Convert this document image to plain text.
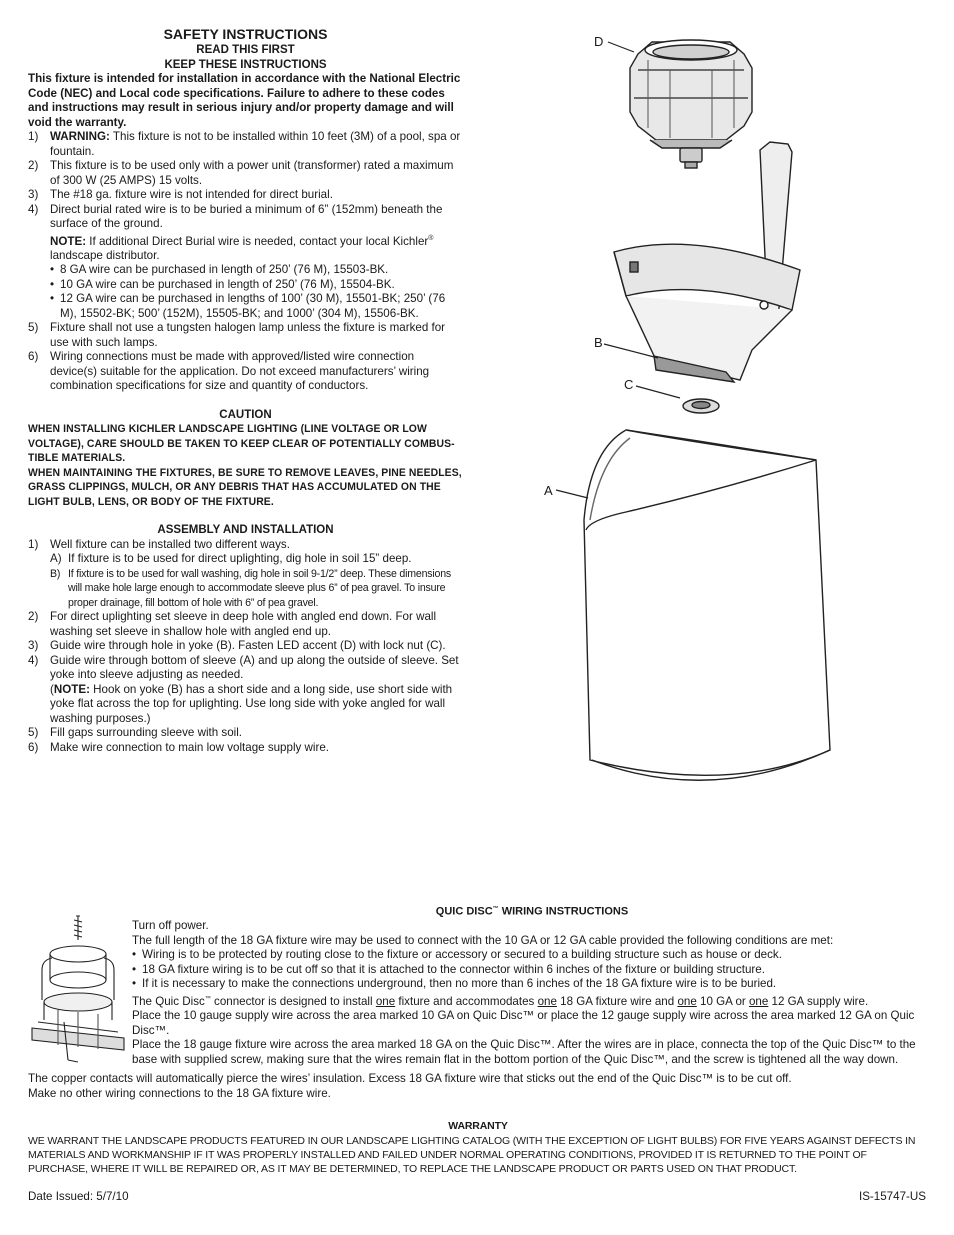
SAFETY INSTRUCTIONS
READ THIS FIRST
KEEP THESE INSTRUCTIONS
This fixture is intended for installation in accordance with the National Electric Code (NEC) and Local code specifications. Failure to adhere to these codes and instructions may result in serious injury and/or property damage and will void the warranty.
1)	WARNING: This fixture is not to be installed within 10 feet (3M) of a pool, spa or fountain.
2)	This fixture is to be used only with a power unit (transformer) rated a maximum of 300 W (25 AMPS) 15 volts.
3)	The #18 ga. fixture wire is not intended for direct burial.
4)	Direct burial rated wire is to be buried a minimum of 6” (152mm) beneath the surface of the ground.
NOTE: If additional Direct Burial wire is needed, contact your local Kichler® landscape distributor.
• 8 GA wire can be purchased in length of 250’ (76 M), 15503-BK.
• 10 GA wire can be purchased in length of 250’ (76 M), 15504-BK.
• 12 GA wire can be purchased in lengths of 100’ (30 M), 15501-BK; 250’ (76 M), 15502-BK; 500’ (152M), 15505-BK; and 1000’ (304 M), 15506-BK.
5)	Fixture shall not use a tungsten halogen lamp unless the fixture is marked for use with such lamps.
6)	Wiring connections must be made with approved/listed wire connection device(s) suitable for the application. Do not exceed manufacturers’ wiring combination specifications for size and quantity of conductors.
CAUTION
WHEN INSTALLING KICHLER LANDSCAPE LIGHTING (LINE VOLTAGE OR LOW VOLTAGE), CARE SHOULD BE TAKEN TO KEEP CLEAR OF POTENTIALLY COMBUS-TIBLE MATERIALS.
WHEN MAINTAINING THE FIXTURES, BE SURE TO REMOVE LEAVES, PINE NEEDLES, GRASS CLIPPINGS, MULCH, OR ANY DEBRIS THAT HAS ACCUMULATED ON THE LIGHT BULB, LENS, OR BODY OF THE FIXTURE.
ASSEMBLY AND INSTALLATION
1)	Well fixture can be installed two different ways.
A) If fixture is to be used for direct uplighting, dig hole in soil 15” deep.
B) If fixture is to be used for wall washing, dig hole in soil 9-1/2” deep. These dimensions will make hole large enough to accommodate sleeve plus 6” of pea gravel. To insure proper drainage, fill bottom of hole with 6” of pea gravel.
2)	For direct uplighting set sleeve in deep hole with angled end down. For wall washing set sleeve in shallow hole with angled end up.
3)	Guide wire through hole in yoke (B). Fasten LED accent (D) with lock nut (C).
4)	Guide wire through bottom of sleeve (A) and up along the outside of sleeve. Set yoke into sleeve adjusting as needed.
(NOTE: Hook on yoke (B) has a short side and a long side, use short side with yoke flat across the top for uplighting. Use long side with yoke angled for wall washing purposes.)
5)	Fill gaps surrounding sleeve with soil.
6)	Make wire connection to main low voltage supply wire.
D
B
C
A
QUIC DISC™ WIRING INSTRUCTIONS
Turn off power.
The full length of the 18 GA fixture wire may be used to connect with the 10 GA or 12 GA cable provided the following conditions are met:
• Wiring is to be protected by routing close to the fixture or accessory or secured to a building structure such as house or deck.
• 18 GA fixture wiring is to be cut off so that it is attached to the connector within 6 inches of the fixture or building structure.
• If it is necessary to make the connections underground, then no more than 6 inches of the 18 GA fixture wire is to be buried.
The Quic Disc™ connector is designed to install one fixture and accommodates one 18 GA fixture wire and one 10 GA or one 12 GA supply wire.
Place the 10 gauge supply wire across the area marked 10 GA on Quic Disc™ or place the 12 gauge supply wire across the area marked 12 GA on Quic Disc™.
Place the 18 gauge fixture wire across the area marked 18 GA on the Quic Disc™. After the wires are in place, connecta the top of the Quic Disc™ to the base with supplied screw, making sure that the wires remain flat in the bottom portion of the Quic Disc™, and the screw is tightened all the way down.
The copper contacts will automatically pierce the wires’ insulation. Excess 18 GA fixture wire that sticks out the end of the Quic Disc™ is to be cut off.
Make no other wiring connections to the 18 GA fixture wire.
WARRANTY
WE WARRANT THE LANDSCAPE PRODUCTS FEATURED IN OUR LANDSCAPE LIGHTING CATALOG (WITH THE EXCEPTION OF LIGHT BULBS) FOR FIVE YEARS AGAINST DEFECTS IN MATERIALS AND WORKMANSHIP IF IT WAS PROPERLY INSTALLED AND FAILED UNDER NORMAL OPERATING CONDITIONS, PROVIDED IT IS RETURNED TO THE POINT OF PURCHASE, WHERE IT WILL BE REPAIRED OR, AS IT MAY BE DETERMINED, TO REPLACE THE LANDSCAPE PRODUCT OR PARTS USED ON THAT PRODUCT.
Date Issued: 5/7/10	IS-15747-US
